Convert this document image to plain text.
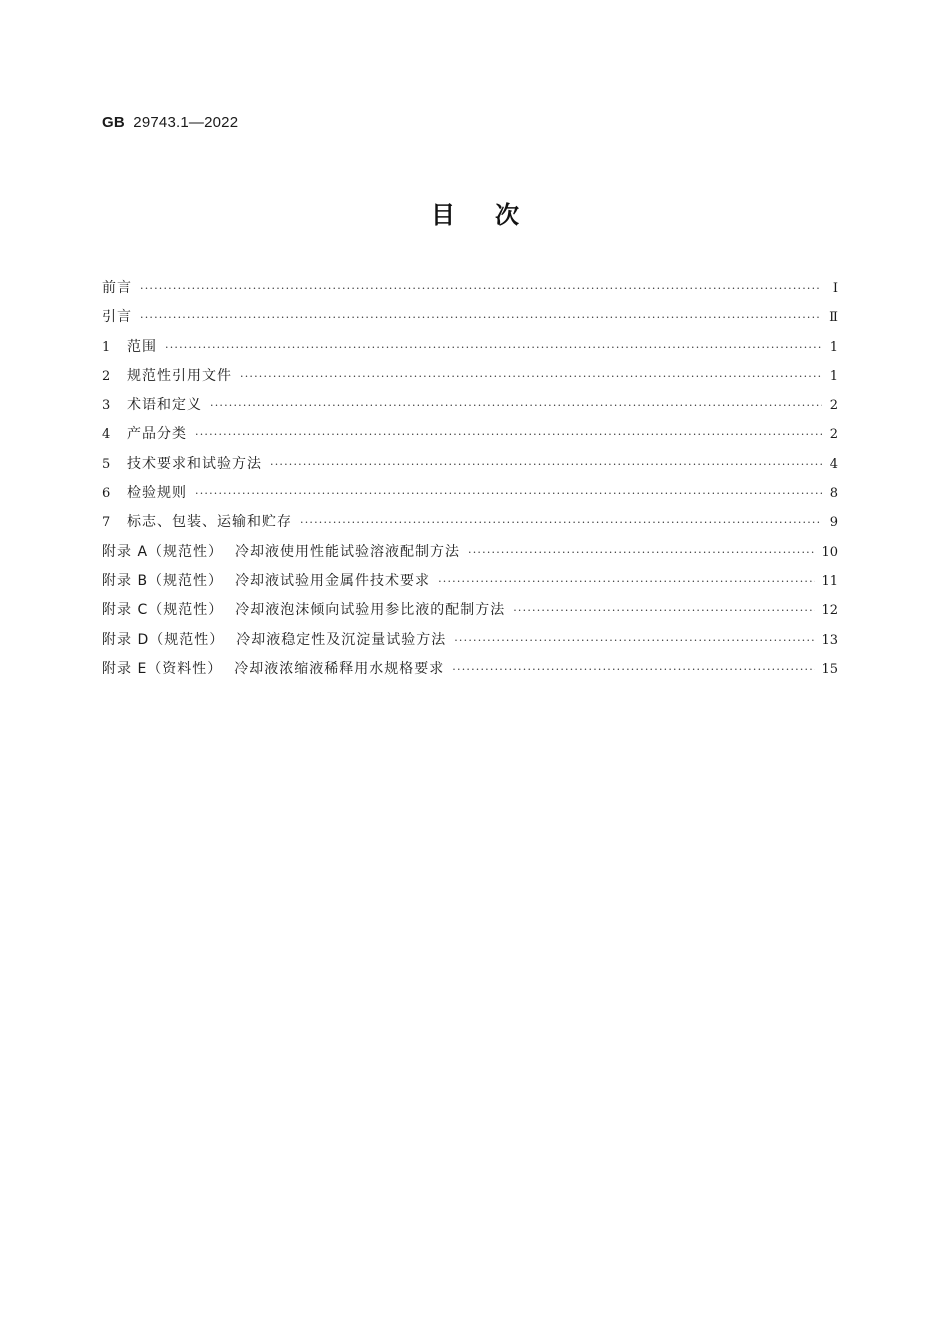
GB 29743.1—2022
目次
前言 ·····	Ⅰ
引言 ·····	Ⅱ
1	范围 ·····	1
2	规范性引用文件 ·····	1
3	术语和定义 ·····	2
4	产品分类 ·····	2
5	技术要求和试验方法 ·····	4
6	检验规则 ·····	8
7	标志、包装、运输和贮存 ·····	9
附录 A（规范性） 冷却液使用性能试验溶液配制方法 ·····	10
附录 B（规范性） 冷却液试验用金属件技术要求 ·····	11
附录 C（规范性） 冷却液泡沫倾向试验用参比液的配制方法 ·····	12
附录 D（规范性） 冷却液稳定性及沉淀量试验方法 ·····	13
附录 E（资料性） 冷却液浓缩液稀释用水规格要求 ·····	15
